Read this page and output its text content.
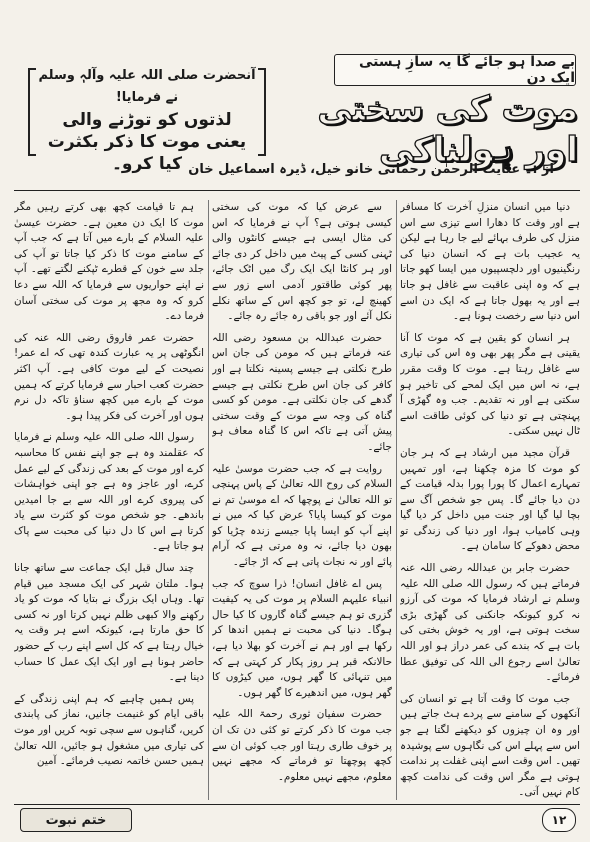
بے صدا ہو جائے گا یہ سازِ ہستی ایک دن
موت کی سختی اور ہولناکی
آنحضرت صلی اللہ علیہ وآلہٖ وسلم نے فرمایا!
لذتوں کو توڑنے والی
یعنی موت کا ذکر بکثرت کیا کرو۔ از :۔ عنایت الرحمٰن رحمانی خانو خیل، ڈیرہ اسماعیل خان

دنیا میں انسان منزلِ آخرت کا مسافر ہے اور وقت کا دھارا اسے تیزی سے اس منزل کی طرف بہائے لیے جا رہا ہے لیکن یہ عجیب بات ہے کہ انسان دنیا کی رنگینیوں اور دلچسپیوں میں ایسا کھو جاتا ہے کہ وہ اپنی عاقبت سے غافل ہو جاتا ہے اور یہ بھول جاتا ہے کہ ایک دن اسے اس دنیا سے رخصت ہونا ہے۔

ہر انسان کو یقین ہے کہ موت کا آنا یقینی ہے مگر پھر بھی وہ اس کی تیاری سے غافل رہتا ہے۔ موت کا وقت مقرر ہے، نہ اس میں ایک لمحے کی تاخیر ہو سکتی ہے اور نہ تقدیم۔ جب وہ گھڑی آ پہنچتی ہے تو دنیا کی کوئی طاقت اسے ٹال نہیں سکتی۔

قرآن مجید میں ارشاد ہے کہ ہر جان کو موت کا مزہ چکھنا ہے، اور تمہیں تمہارے اعمال کا پورا پورا بدلہ قیامت کے دن دیا جائے گا۔ پس جو شخص آگ سے بچا لیا گیا اور جنت میں داخل کر دیا گیا وہی کامیاب ہوا، اور دنیا کی زندگی تو محض دھوکے کا سامان ہے۔

حضرت جابر بن عبداللہ رضی اللہ عنہ فرماتے ہیں کہ رسول اللہ صلی اللہ علیہ وسلم نے ارشاد فرمایا کہ موت کی آرزو نہ کرو کیونکہ جانکنی کی گھڑی بڑی سخت ہوتی ہے، اور یہ خوش بختی کی بات ہے کہ بندے کی عمر دراز ہو اور اللہ تعالیٰ اسے رجوع الی اللہ کی توفیق عطا فرمائے۔

جب موت کا وقت آتا ہے تو انسان کی آنکھوں کے سامنے سے پردے ہٹ جاتے ہیں اور وہ ان چیزوں کو دیکھنے لگتا ہے جو اس سے پہلے اس کی نگاہوں سے پوشیدہ تھیں۔ اس وقت اسے اپنی غفلت پر ندامت ہوتی ہے مگر اس وقت کی ندامت کچھ کام نہیں آتی۔

سے عرض کیا کہ موت کی سختی کیسی ہوتی ہے؟ آپ نے فرمایا کہ اس کی مثال ایسی ہے جیسے کانٹوں والی ٹہنی کسی کے پیٹ میں داخل کر دی جائے اور ہر کانٹا ایک ایک رگ میں اٹک جائے، پھر کوئی طاقتور آدمی اسے زور سے کھینچ لے، تو جو کچھ اس کے ساتھ نکلے نکل آئے اور جو باقی رہ جائے رہ جائے۔

حضرت عبداللہ بن مسعود رضی اللہ عنہ فرماتے ہیں کہ مومن کی جان اس طرح نکلتی ہے جیسے پسینہ نکلتا ہے اور کافر کی جان اس طرح نکلتی ہے جیسے گدھے کی جان نکلتی ہے۔ مومن کو کسی گناہ کی وجہ سے موت کے وقت سختی پیش آتی ہے تاکہ اس کا گناہ معاف ہو جائے۔

روایت ہے کہ جب حضرت موسیٰ علیہ السلام کی روح اللہ تعالیٰ کے پاس پہنچی تو اللہ تعالیٰ نے پوچھا کہ اے موسیٰ تم نے موت کو کیسا پایا؟ عرض کیا کہ میں نے اپنے آپ کو ایسا پایا جیسے زندہ چڑیا کو بھون دیا جائے، نہ وہ مرتی ہے کہ آرام پائے اور نہ نجات پاتی ہے کہ اڑ جائے۔

پس اے غافل انسان! ذرا سوچ کہ جب انبیاء علیہم السلام پر موت کی یہ کیفیت گزری تو ہم جیسے گناہ گاروں کا کیا حال ہوگا۔ دنیا کی محبت نے ہمیں اندھا کر رکھا ہے اور ہم نے آخرت کو بھلا دیا ہے، حالانکہ قبر ہر روز پکار کر کہتی ہے کہ میں تنہائی کا گھر ہوں، میں کیڑوں کا گھر ہوں، میں اندھیرے کا گھر ہوں۔

حضرت سفیان ثوری رحمۃ اللہ علیہ جب موت کا ذکر کرتے تو کئی دن تک ان پر خوف طاری رہتا اور جب کوئی ان سے کچھ پوچھتا تو فرماتے کہ مجھے نہیں معلوم، مجھے نہیں معلوم۔

ہم تا قیامت کچھ بھی کرتے رہیں مگر موت کا ایک دن معین ہے۔ حضرت عیسیٰ علیہ السلام کے بارے میں آتا ہے کہ جب آپ کے سامنے موت کا ذکر کیا جاتا تو آپ کی جلد سے خون کے قطرے ٹپکنے لگتے تھے۔ آپ نے اپنے حواریوں سے فرمایا کہ اللہ سے دعا کرو کہ وہ مجھ پر موت کی سختی آسان فرما دے۔

حضرت عمر فاروق رضی اللہ عنہ کی انگوٹھی پر یہ عبارت کندہ تھی کہ اے عمر! نصیحت کے لیے موت کافی ہے۔ آپ اکثر حضرت کعب احبار سے فرمایا کرتے کہ ہمیں موت کے بارے میں کچھ سناؤ تاکہ دل نرم ہوں اور آخرت کی فکر پیدا ہو۔

رسول اللہ صلی اللہ علیہ وسلم نے فرمایا کہ عقلمند وہ ہے جو اپنے نفس کا محاسبہ کرے اور موت کے بعد کی زندگی کے لیے عمل کرے، اور عاجز وہ ہے جو اپنی خواہشات کی پیروی کرے اور اللہ سے بے جا امیدیں باندھے۔ جو شخص موت کو کثرت سے یاد کرتا ہے اس کا دل دنیا کی محبت سے پاک ہو جاتا ہے۔

چند سال قبل ایک جماعت سے ساتھ جانا ہوا۔ ملتان شہر کی ایک مسجد میں قیام تھا۔ وہاں ایک بزرگ نے بتایا کہ موت کو یاد رکھنے والا کبھی ظلم نہیں کرتا اور نہ کسی کا حق مارتا ہے، کیونکہ اسے ہر وقت یہ خیال رہتا ہے کہ کل اسے اپنے رب کے حضور حاضر ہونا ہے اور ایک ایک عمل کا حساب دینا ہے۔

پس ہمیں چاہیے کہ ہم اپنی زندگی کے باقی ایام کو غنیمت جانیں، نماز کی پابندی کریں، گناہوں سے سچی توبہ کریں اور موت کی تیاری میں مشغول ہو جائیں، اللہ تعالیٰ ہمیں حسن خاتمہ نصیب فرمائے۔ آمین

ختم نبوت	۱۲
